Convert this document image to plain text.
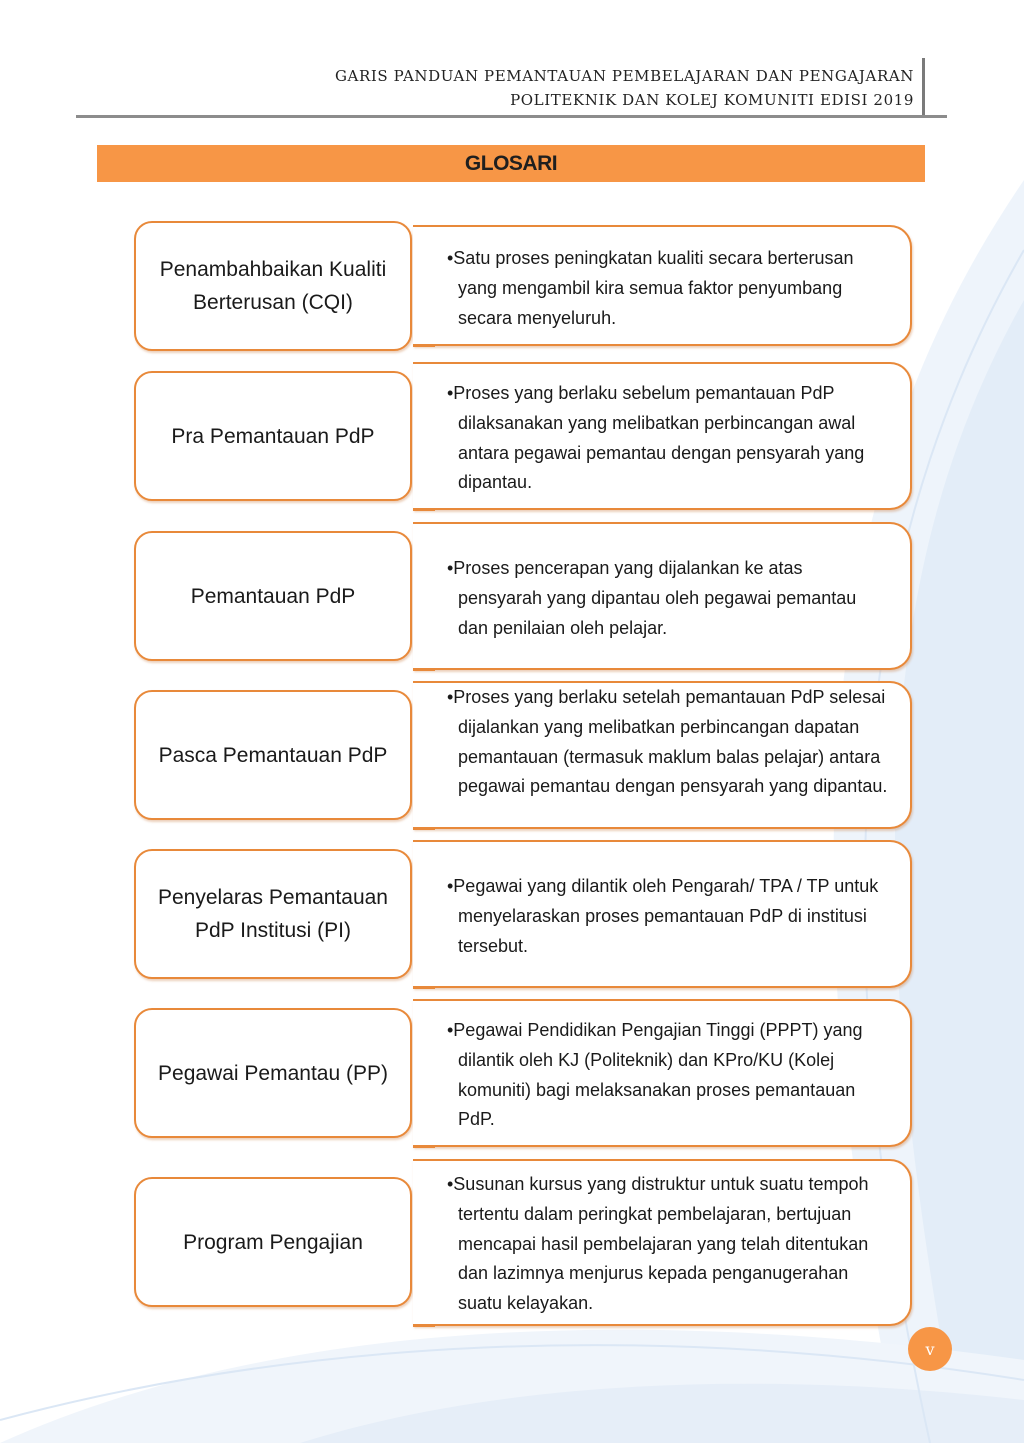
GARIS PANDUAN PEMANTAUAN PEMBELAJARAN DAN PENGAJARAN
POLITEKNIK DAN KOLEJ KOMUNITI EDISI 2019
GLOSARI
Penambahbaikan Kualiti Berterusan (CQI)
•Satu proses peningkatan kualiti secara berterusan yang mengambil kira semua faktor penyumbang secara menyeluruh.
Pra Pemantauan PdP
•Proses yang berlaku sebelum pemantauan PdP dilaksanakan yang melibatkan perbincangan awal antara pegawai pemantau dengan pensyarah yang dipantau.
Pemantauan PdP
•Proses pencerapan yang dijalankan ke atas pensyarah yang dipantau oleh pegawai pemantau dan penilaian oleh pelajar.
Pasca Pemantauan PdP
•Proses yang berlaku setelah pemantauan PdP selesai dijalankan yang melibatkan perbincangan dapatan pemantauan (termasuk maklum balas pelajar) antara pegawai pemantau dengan pensyarah yang dipantau.
Penyelaras Pemantauan PdP Institusi (PI)
•Pegawai yang dilantik oleh Pengarah/ TPA / TP untuk menyelaraskan proses pemantauan PdP di institusi tersebut.
Pegawai Pemantau (PP)
•Pegawai Pendidikan Pengajian Tinggi (PPPT) yang dilantik oleh KJ (Politeknik) dan KPro/KU (Kolej komuniti) bagi melaksanakan proses pemantauan PdP.
Program Pengajian
•Susunan kursus yang distruktur untuk suatu tempoh tertentu dalam peringkat pembelajaran, bertujuan mencapai hasil pembelajaran yang telah ditentukan dan lazimnya menjurus kepada penganugerahan suatu kelayakan.
v
